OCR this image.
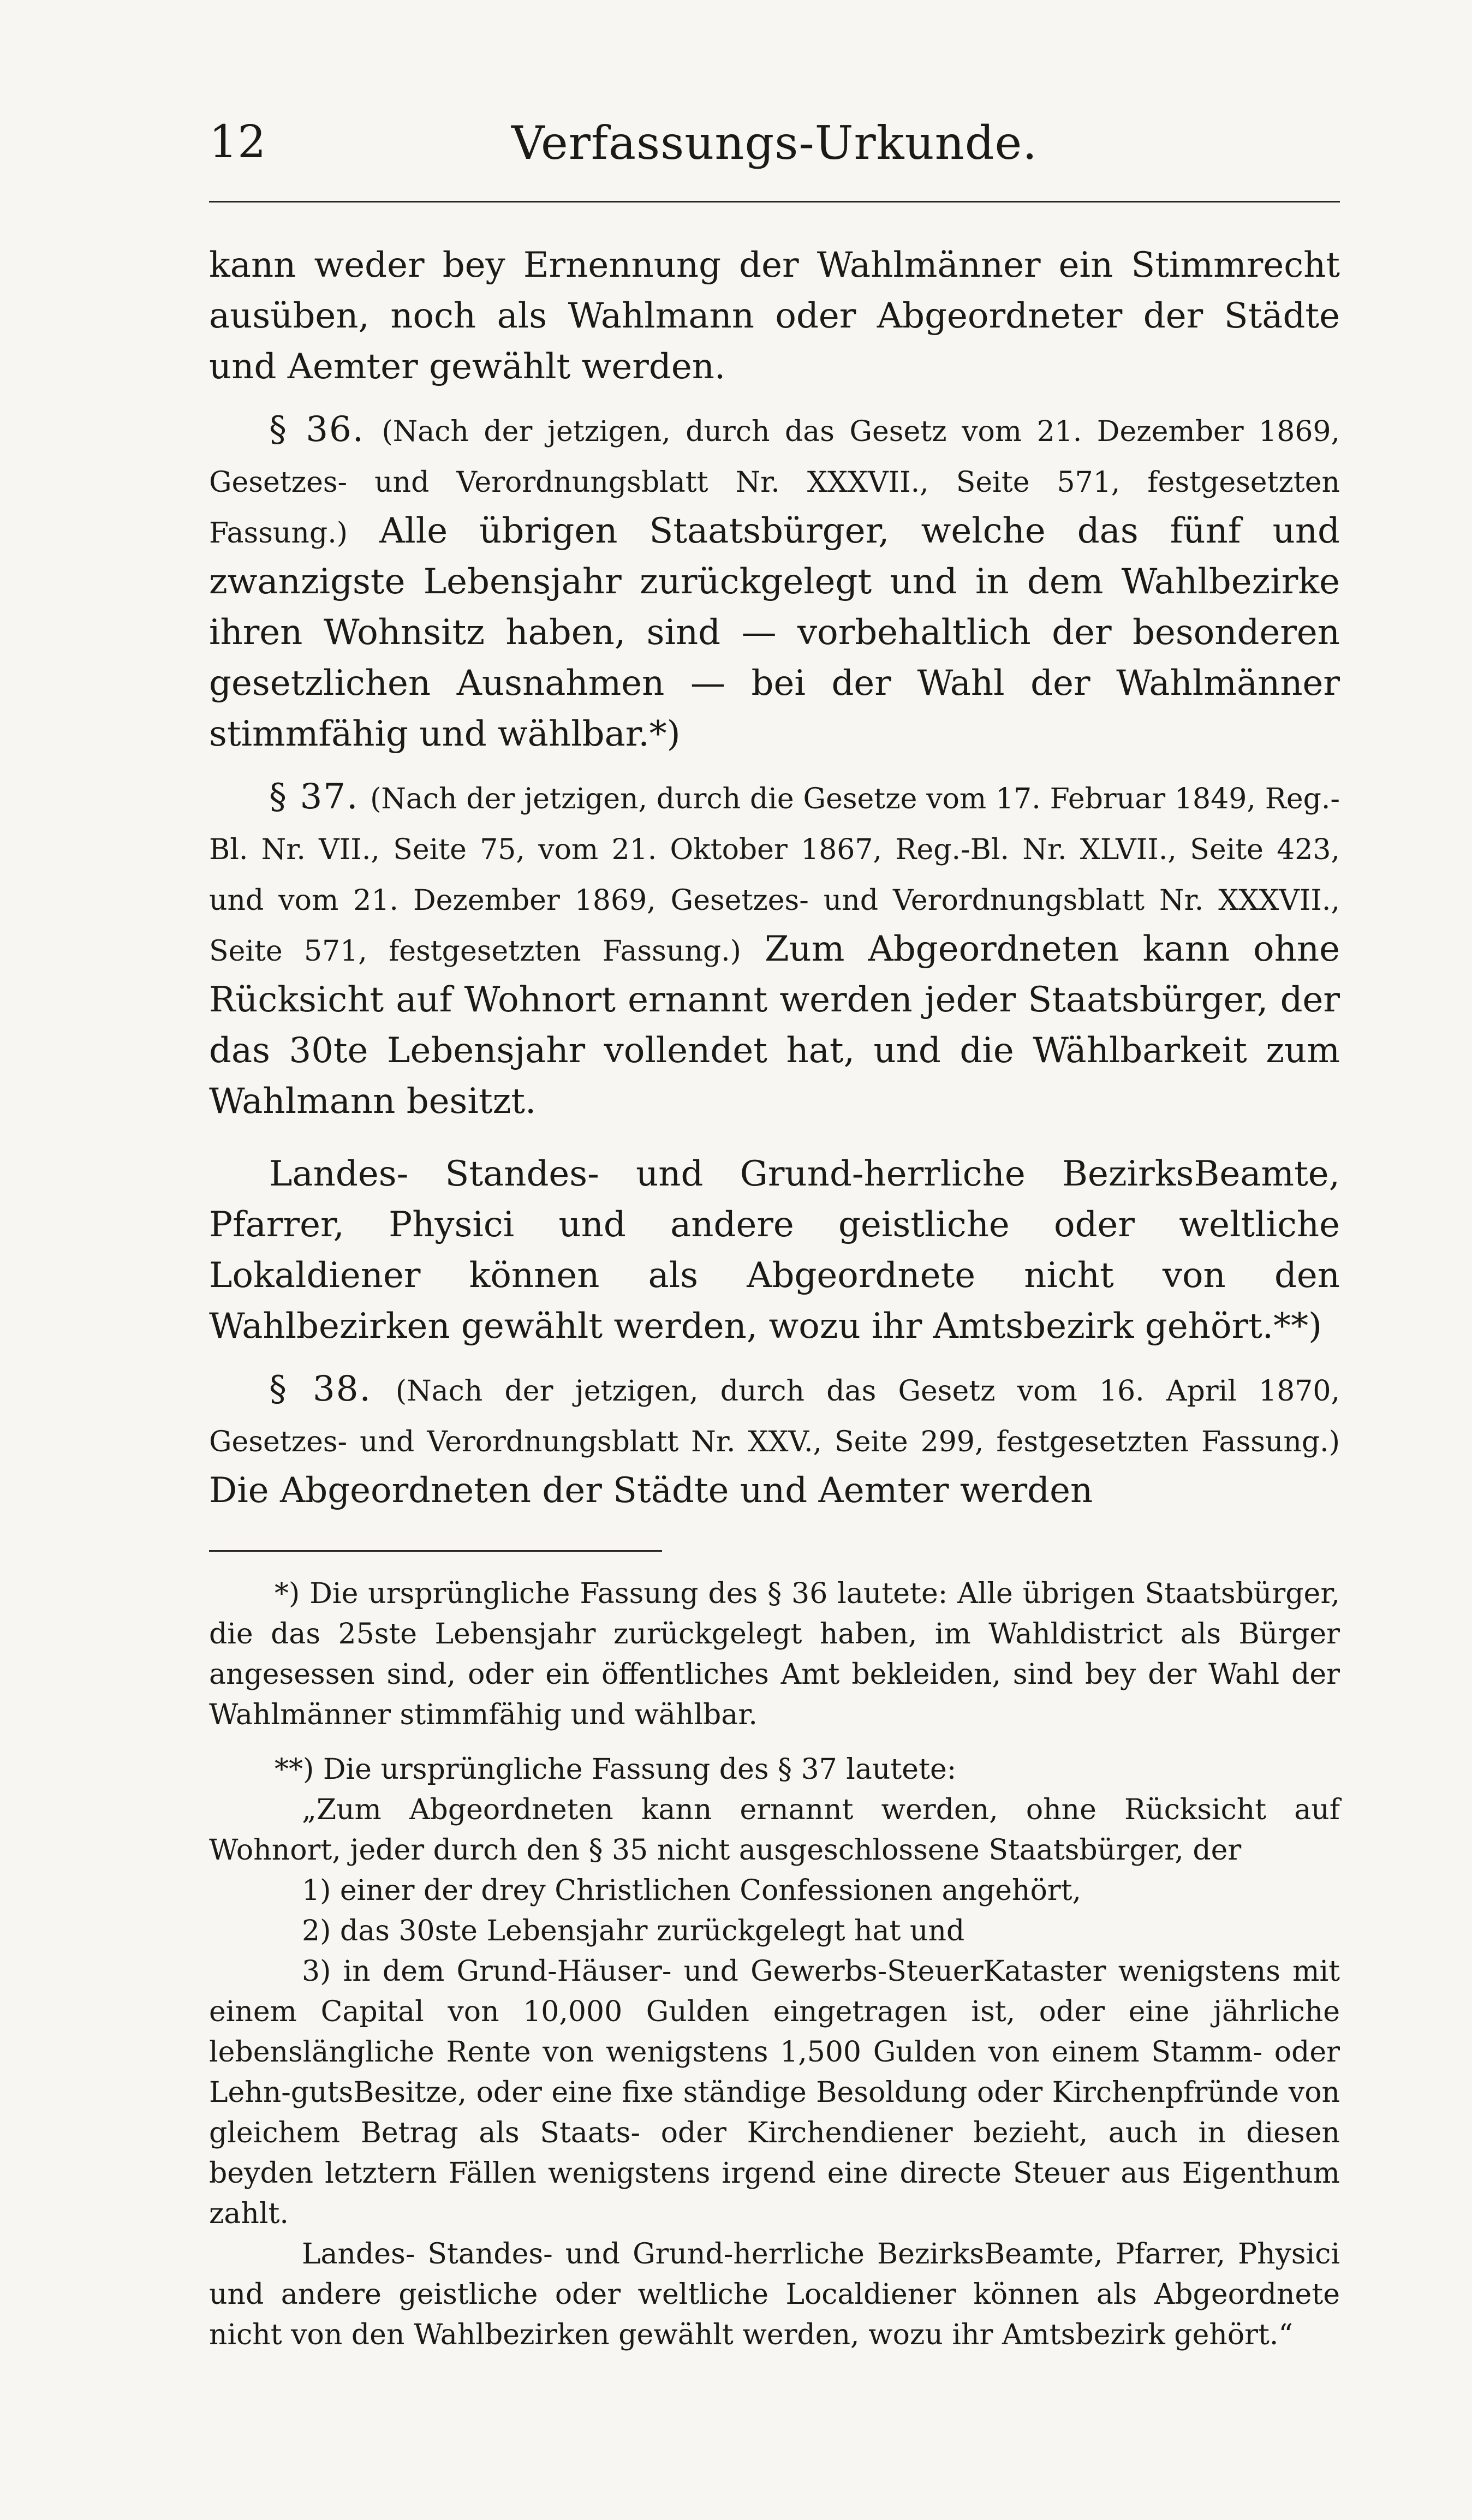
12	Verfassungs-Urkunde.

kann weder bey Ernennung der Wahlmänner ein Stimmrecht ausüben, noch als Wahlmann oder Abgeordneter der Städte und Aemter gewählt werden.

§ 36. (Nach der jetzigen, durch das Gesetz vom 21. Dezember 1869, Gesetzes- und Verordnungsblatt Nr. XXXVII., Seite 571, festgesetzten Fassung.) Alle übrigen Staatsbürger, welche das fünf und zwanzigste Lebensjahr zurückgelegt und in dem Wahlbezirke ihren Wohnsitz haben, sind — vorbehaltlich der besonderen gesetzlichen Ausnahmen — bei der Wahl der Wahlmänner stimmfähig und wählbar.*)

§ 37. (Nach der jetzigen, durch die Gesetze vom 17. Februar 1849, Reg.-Bl. Nr. VII., Seite 75, vom 21. Oktober 1867, Reg.-Bl. Nr. XLVII., Seite 423, und vom 21. Dezember 1869, Gesetzes- und Verordnungsblatt Nr. XXXVII., Seite 571, festgesetzten Fassung.) Zum Abgeordneten kann ohne Rücksicht auf Wohnort ernannt werden jeder Staatsbürger, der das 30te Lebensjahr vollendet hat, und die Wählbarkeit zum Wahlmann besitzt.

Landes- Standes- und Grund-herrliche BezirksBeamte, Pfarrer, Physici und andere geistliche oder weltliche Lokaldiener können als Abgeordnete nicht von den Wahlbezirken gewählt werden, wozu ihr Amtsbezirk gehört.**)

§ 38. (Nach der jetzigen, durch das Gesetz vom 16. April 1870, Gesetzes- und Verordnungsblatt Nr. XXV., Seite 299, festgesetzten Fassung.) Die Abgeordneten der Städte und Aemter werden

*) Die ursprüngliche Fassung des § 36 lautete: Alle übrigen Staatsbürger, die das 25ste Lebensjahr zurückgelegt haben, im Wahldistrict als Bürger angesessen sind, oder ein öffentliches Amt bekleiden, sind bey der Wahl der Wahlmänner stimmfähig und wählbar.

**) Die ursprüngliche Fassung des § 37 lautete:

„Zum Abgeordneten kann ernannt werden, ohne Rücksicht auf Wohnort, jeder durch den § 35 nicht ausgeschlossene Staatsbürger, der

1) einer der drey Christlichen Confessionen angehört,

2) das 30ste Lebensjahr zurückgelegt hat und

3) in dem Grund-Häuser- und Gewerbs-SteuerKataster wenigstens mit einem Capital von 10,000 Gulden eingetragen ist, oder eine jährliche lebenslängliche Rente von wenigstens 1,500 Gulden von einem Stamm- oder Lehn-gutsBesitze, oder eine fixe ständige Besoldung oder Kirchenpfründe von gleichem Betrag als Staats- oder Kirchendiener bezieht, auch in diesen beyden letztern Fällen wenigstens irgend eine directe Steuer aus Eigenthum zahlt.

Landes- Standes- und Grund-herrliche BezirksBeamte, Pfarrer, Physici und andere geistliche oder weltliche Localdiener können als Abgeordnete nicht von den Wahlbezirken gewählt werden, wozu ihr Amtsbezirk gehört.“
